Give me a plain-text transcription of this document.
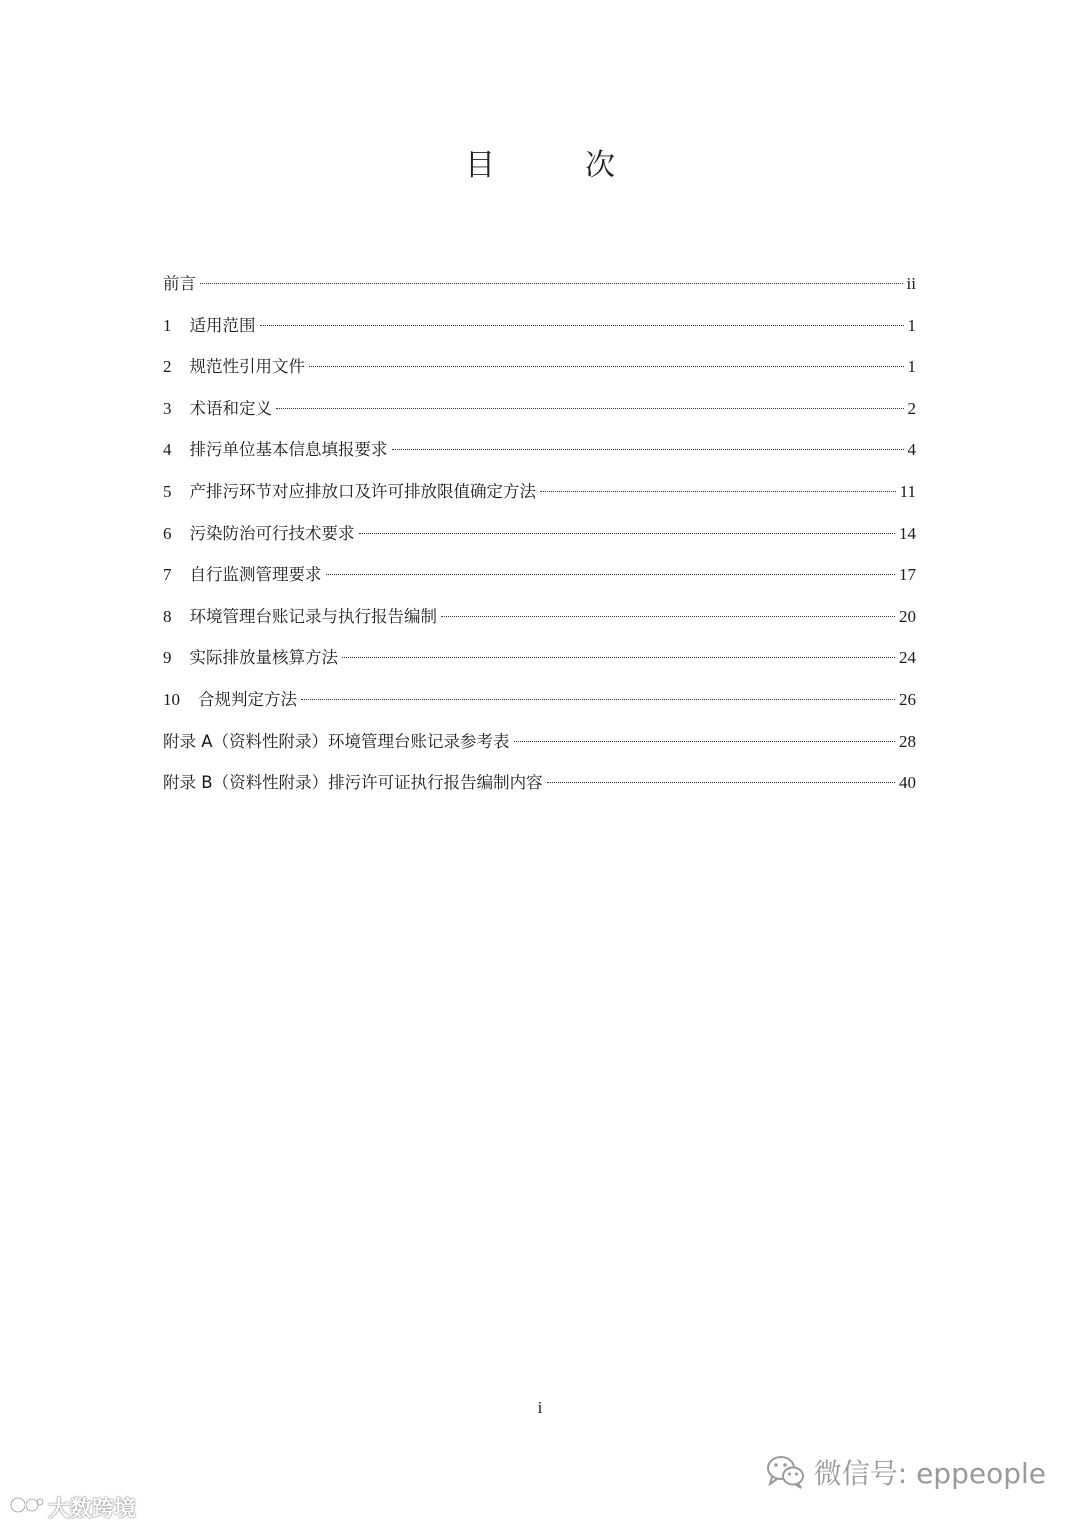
目　次
前言	ii
1 适用范围	1
2 规范性引用文件	1
3 术语和定义	2
4 排污单位基本信息填报要求	4
5 产排污环节对应排放口及许可排放限值确定方法	11
6 污染防治可行技术要求	14
7 自行监测管理要求	17
8 环境管理台账记录与执行报告编制	20
9 实际排放量核算方法	24
10 合规判定方法	26
附录 A（资料性附录）环境管理台账记录参考表	28
附录 B（资料性附录）排污许可证执行报告编制内容	40
i
大数跨境
微信号: eppeople
